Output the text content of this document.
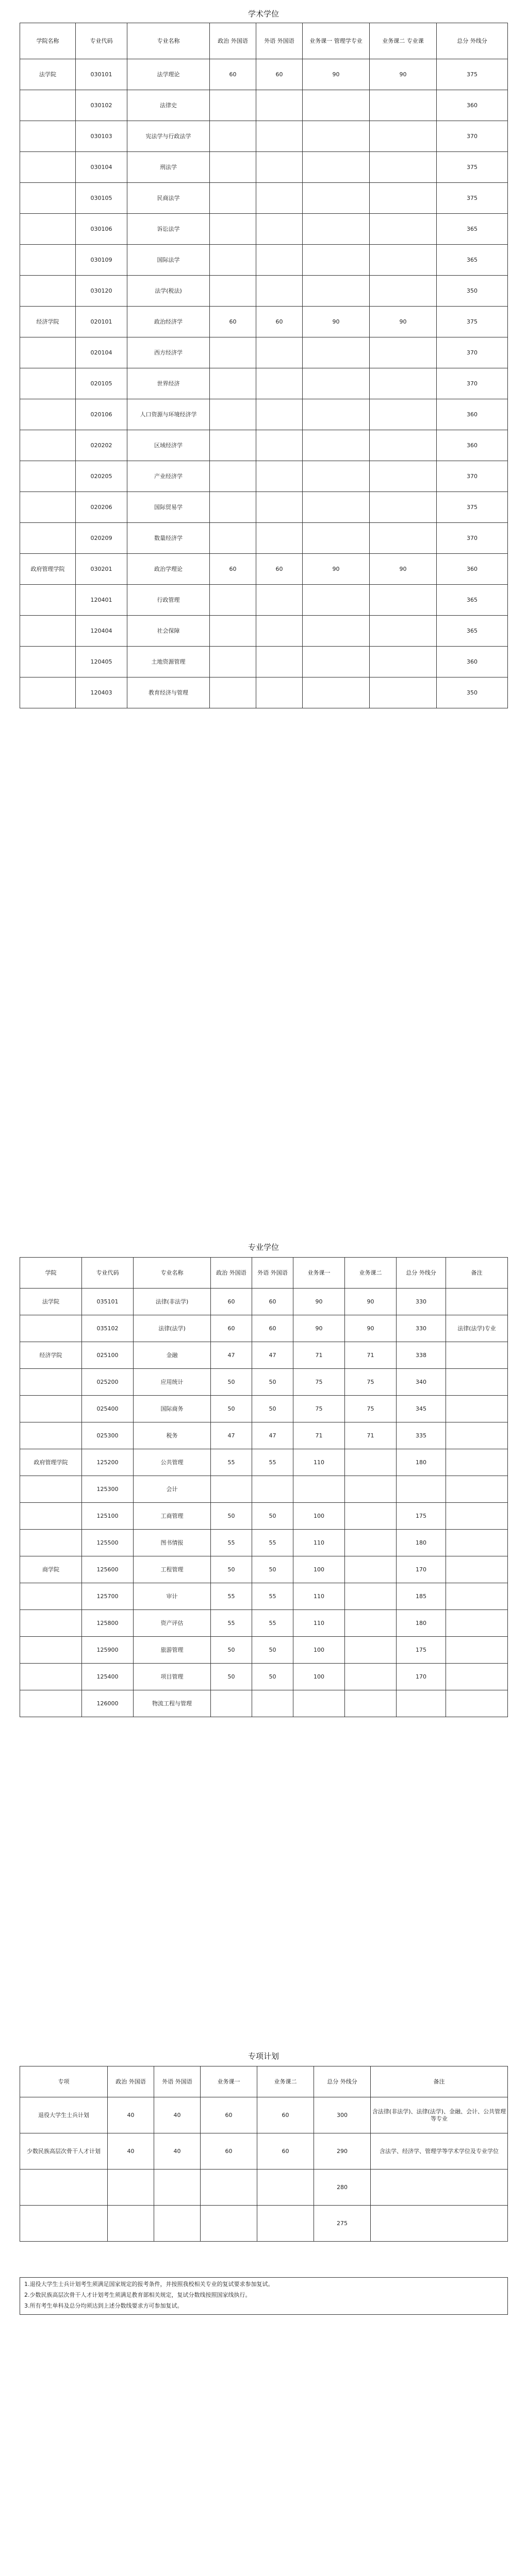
学术学位
学院名称	专业代码	专业名称	政治 外国语	外语 外国语	业务课一 管理学专业	业务课二 专业课	总分 外线分
法学院	030101	法学理论	60	60	90	90	375
	030102	法律史					360
	030103	宪法学与行政法学					370
	030104	刑法学					375
	030105	民商法学					375
	030106	诉讼法学					365
	030109	国际法学					365
	030120	法学(税法)					350
经济学院	020101	政治经济学	60	60	90	90	375
	020104	西方经济学					370
	020105	世界经济					370
	020106	人口资源与环境经济学					360
	020202	区域经济学					360
	020205	产业经济学					370
	020206	国际贸易学					375
	020209	数量经济学					370
政府管理学院	030201	政治学理论	60	60	90	90	360
	120401	行政管理					365
	120404	社会保障					365
	120405	土地资源管理					360
	120403	教育经济与管理					350
专业学位
学院	专业代码	专业名称	政治 外国语	外语 外国语	业务课一	业务课二	总分 外线分	备注
法学院	035101	法律(非法学)	60	60	90	90	330	
	035102	法律(法学)	60	60	90	90	330	法律(法学)专业
经济学院	025100	金融	47	47	71	71	338	
	025200	应用统计	50	50	75	75	340	
	025400	国际商务	50	50	75	75	345	
	025300	税务	47	47	71	71	335	
政府管理学院	125200	公共管理	55	55	110		180	
	125300	会计						
	125100	工商管理	50	50	100		175	
	125500	图书情报	55	55	110		180	
商学院	125600	工程管理	50	50	100		170	
	125700	审计	55	55	110		185	
	125800	资产评估	55	55	110		180	
	125900	旅游管理	50	50	100		175	
	125400	项目管理	50	50	100		170	
	126000	物流工程与管理						
专项计划
专项	政治 外国语	外语 外国语	业务课一	业务课二	总分 外线分	备注
退役大学生士兵计划	40	40	60	60	300	含法律(非法学)、法律(法学)、金融、会计、公共管理等专业
少数民族高层次骨干人才计划	40	40	60	60	290	含法学、经济学、管理学等学术学位及专业学位
					280	
					275	

1.退役大学生士兵计划考生须满足国家规定的报考条件，并按照我校相关专业的复试要求参加复试。

2.少数民族高层次骨干人才计划考生须满足教育部相关规定，复试分数线按照国家线执行。

3.所有考生单科及总分均须达到上述分数线要求方可参加复试。
